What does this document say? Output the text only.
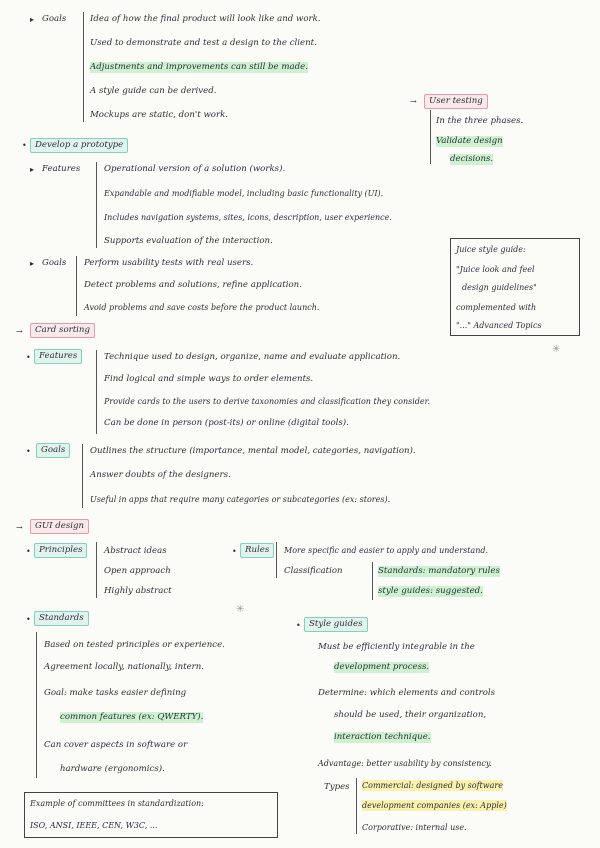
▸ Goals	Idea of how the final product will look like and work.
Used to demonstrate and test a design to the client.
Adjustments and improvements can still be made.
A style guide can be derived.
Mockups are static, don't work.
→	User testing
In the three phases.
Validate design
decisions.
• Develop a prototype
▸ Features	Operational version of a solution (works).
Expandable and modifiable model, including basic functionality (UI).
Includes navigation systems, sites, icons, description, user experience.
Supports evaluation of the interaction.
▸ Goals Perform usability tests with real users.
Detect problems and solutions, refine application.
Avoid problems and save costs before the product launch.
Juice style guide:
"Juice look and feel
design guidelines"
complemented with
"..." Advanced Topics
→	Card sorting
• Features	Technique used to design, organize, name and evaluate application.
Find logical and simple ways to order elements.
Provide cards to the users to derive taxonomies and classification they consider.
Can be done in person (post-its) or online (digital tools).
•	Goals	Outlines the structure (importance, mental model, categories, navigation).
Answer doubts of the designers.
Useful in apps that require many categories or subcategories (ex: stores).
→	GUI design
• Principles	Abstract ideas
Open approach
Highly abstract
• Rules	More specific and easier to apply and understand.
Classification	Standards: mandatory rules
style guides: suggested.
✳
✳
• Standards
Based on tested principles or experience.
Agreement locally, nationally, intern.
Goal: make tasks easier defining
common features (ex: QWERTY).
Can cover aspects in software or
hardware (ergonomics).
Example of committees in standardization:
ISO, ANSI, IEEE, CEN, W3C, ...
• Style guides
Must be efficiently integrable in the
development process.
Determine: which elements and controls
should be used, their organization,
interaction technique.
Advantage: better usability by consistency.
Types Commercial: designed by software
development companies (ex: Apple)
Corporative: internal use.
